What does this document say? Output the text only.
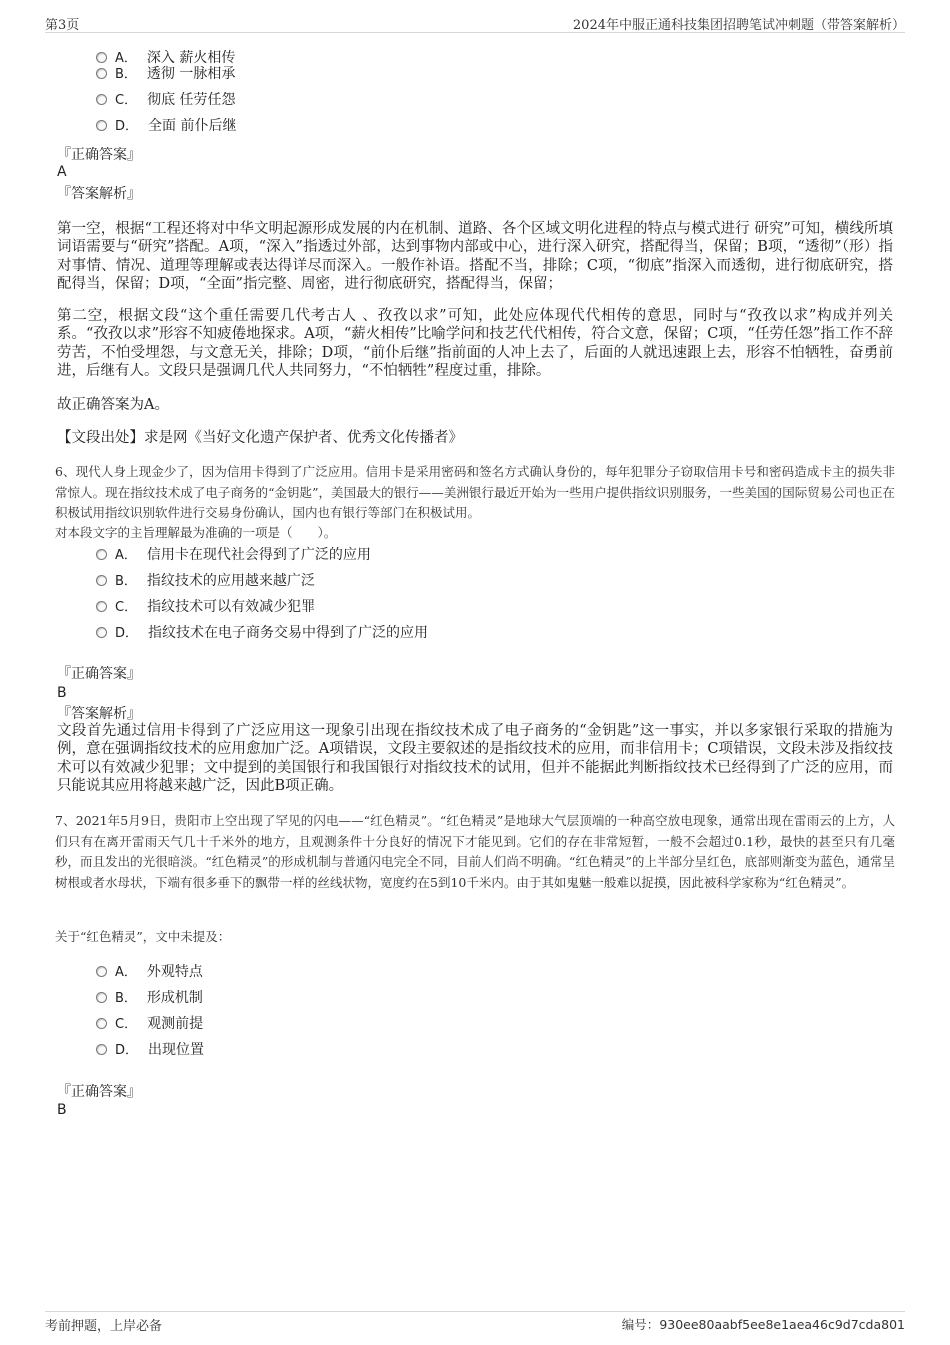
第3页	2024年中服正通科技集团招聘笔试冲刺题（带答案解析）
A． 深入 薪火相传
B． 透彻 一脉相承
C． 彻底 任劳任怨
D． 全面 前仆后继
『正确答案』
A
『答案解析』
第一空，根据“工程还将对中华文明起源形成发展的内在机制、道路、各个区域文明化进程的特点与模式进行 研究”可知，横线所填词语需要与“研究”搭配。A项，“深入”指透过外部，达到事物内部或中心，进行深入研究，搭配得当，保留；B项，“透彻”（形）指对事情、情况、道理等理解或表达得详尽而深入。一般作补语。搭配不当，排除；C项，“彻底”指深入而透彻，进行彻底研究，搭配得当，保留；D项，“全面”指完整、周密，进行彻底研究，搭配得当，保留；
第二空，根据文段“这个重任需要几代考古人 、孜孜以求”可知，此处应体现代代相传的意思，同时与“孜孜以求”构成并列关系。“孜孜以求”形容不知疲倦地探求。A项，“薪火相传”比喻学问和技艺代代相传，符合文意，保留；C项，“任劳任怨”指工作不辞劳苦，不怕受埋怨，与文意无关，排除；D项，“前仆后继”指前面的人冲上去了，后面的人就迅速跟上去，形容不怕牺牲，奋勇前进，后继有人。文段只是强调几代人共同努力，“不怕牺牲”程度过重，排除。
故正确答案为A。
【文段出处】求是网《当好文化遗产保护者、优秀文化传播者》
6、现代人身上现金少了，因为信用卡得到了广泛应用。信用卡是采用密码和签名方式确认身份的，每年犯罪分子窃取信用卡号和密码造成卡主的损失非常惊人。现在指纹技术成了电子商务的“金钥匙”，美国最大的银行——美洲银行最近开始为一些用户提供指纹识别服务，一些美国的国际贸易公司也正在积极试用指纹识别软件进行交易身份确认，国内也有银行等部门在积极试用。
对本段文字的主旨理解最为准确的一项是（　　）。
A． 信用卡在现代社会得到了广泛的应用
B． 指纹技术的应用越来越广泛
C． 指纹技术可以有效减少犯罪
D． 指纹技术在电子商务交易中得到了广泛的应用
『正确答案』
B
『答案解析』
文段首先通过信用卡得到了广泛应用这一现象引出现在指纹技术成了电子商务的“金钥匙”这一事实，并以多家银行采取的措施为例，意在强调指纹技术的应用愈加广泛。A项错误，文段主要叙述的是指纹技术的应用，而非信用卡；C项错误，文段未涉及指纹技术可以有效减少犯罪；文中提到的美国银行和我国银行对指纹技术的试用，但并不能据此判断指纹技术已经得到了广泛的应用，而只能说其应用将越来越广泛，因此B项正确。
7、2021年5月9日，贵阳市上空出现了罕见的闪电——“红色精灵”。“红色精灵”是地球大气层顶端的一种高空放电现象，通常出现在雷雨云的上方，人们只有在离开雷雨天气几十千米外的地方，且观测条件十分良好的情况下才能见到。它们的存在非常短暂，一般不会超过0.1秒，最快的甚至只有几毫秒，而且发出的光很暗淡。“红色精灵”的形成机制与普通闪电完全不同，目前人们尚不明确。“红色精灵”的上半部分呈红色，底部则渐变为蓝色，通常呈树根或者水母状，下端有很多垂下的飘带一样的丝线状物，宽度约在5到10千米内。由于其如鬼魅一般难以捉摸，因此被科学家称为“红色精灵”。
关于“红色精灵”，文中未提及：
A． 外观特点
B． 形成机制
C． 观测前提
D． 出现位置
『正确答案』
B
考前押题，上岸必备	编号：930ee80aabf5ee8e1aea46c9d7cda801
